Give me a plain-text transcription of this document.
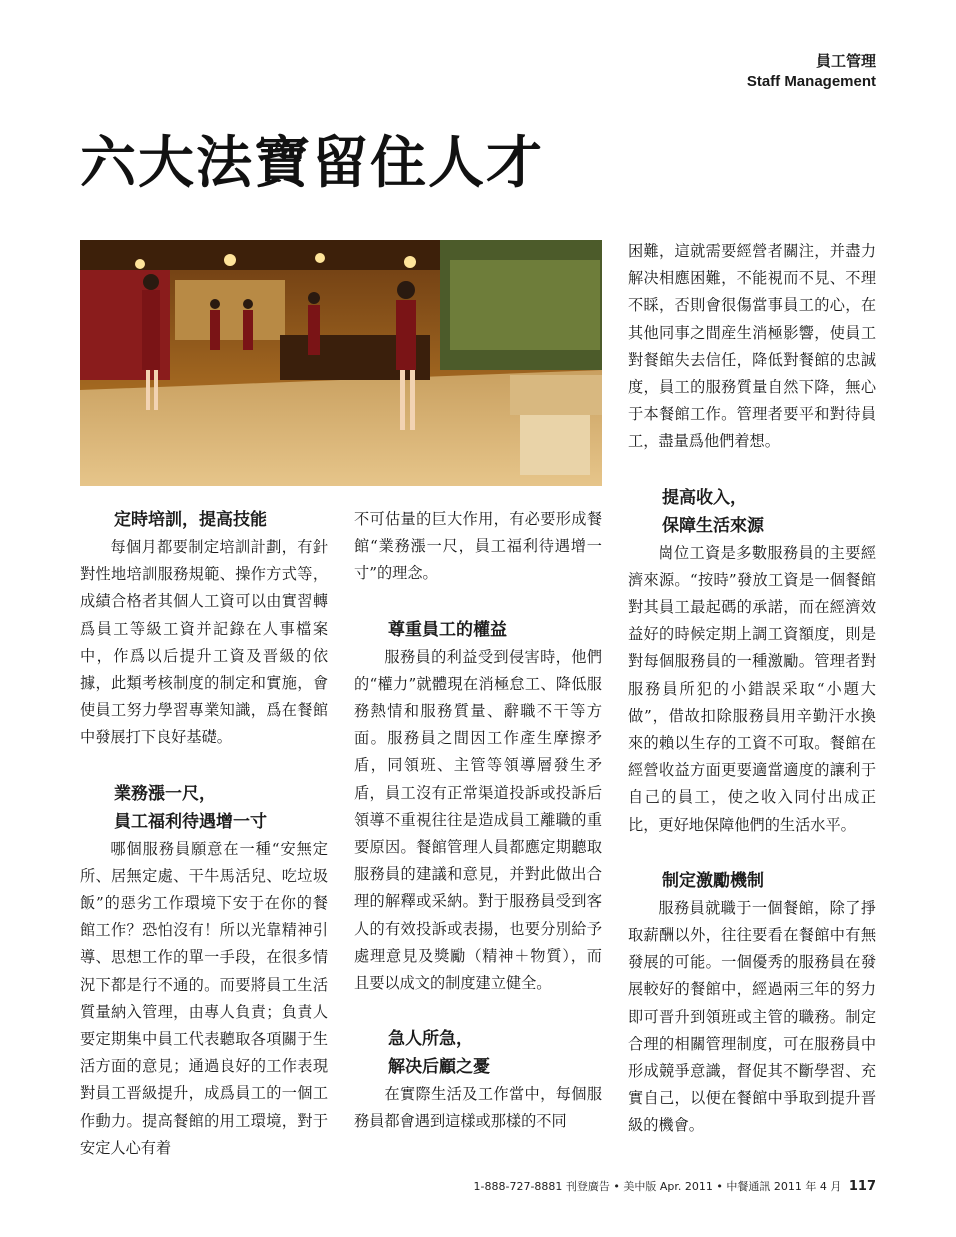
員工管理
Staff Management
六大法寶留住人才
定時培訓，提高技能

每個月都要制定培訓計劃，有針對性地培訓服務規範、操作方式等，成績合格者其個人工資可以由實習轉爲員工等級工資并記錄在人事檔案中，作爲以后提升工資及晋級的依據，此類考核制度的制定和實施，會使員工努力學習專業知識，爲在餐館中發展打下良好基礎。

業務漲一尺，
員工福利待遇增一寸

哪個服務員願意在一種“安無定所、居無定處、干牛馬活兒、吃垃圾飯”的惡劣工作環境下安于在你的餐館工作？恐怕沒有！所以光靠精神引導、思想工作的單一手段，在很多情況下都是行不通的。而要將員工生活質量納入管理，由專人負責；負責人要定期集中員工代表聽取各項關于生活方面的意見；通過良好的工作表現對員工晋級提升，成爲員工的一個工作動力。提高餐館的用工環境，對于安定人心有着

不可估量的巨大作用，有必要形成餐館“業務漲一尺，員工福利待遇增一寸”的理念。

尊重員工的權益

服務員的利益受到侵害時，他們的“權力”就體現在消極怠工、降低服務熱情和服務質量、辭職不干等方面。服務員之間因工作產生摩擦矛盾，同領班、主管等領導層發生矛盾，員工沒有正常渠道投訴或投訴后領導不重視往往是造成員工離職的重要原因。餐館管理人員都應定期聽取服務員的建議和意見，并對此做出合理的解釋或采納。對于服務員受到客人的有效投訴或表揚，也要分別給予處理意見及獎勵（精神＋物質），而且要以成文的制度建立健全。

急人所急，
解决后顧之憂

在實際生活及工作當中，每個服務員都會遇到這樣或那樣的不同

困難，這就需要經營者關注，并盡力解决相應困難，不能視而不見、不理不睬，否則會很傷當事員工的心，在其他同事之間産生消極影響，使員工對餐館失去信任，降低對餐館的忠誠度，員工的服務質量自然下降，無心于本餐館工作。管理者要平和對待員工，盡量爲他們着想。

提高收入，
保障生活來源

崗位工資是多數服務員的主要經濟來源。“按時”發放工資是一個餐館對其員工最起碼的承諾，而在經濟效益好的時候定期上調工資額度，則是對每個服務員的一種激勵。管理者對服務員所犯的小錯誤采取“小題大做”，借故扣除服務員用辛勤汗水換來的賴以生存的工資不可取。餐館在經營收益方面更要適當適度的讓利于自己的員工，使之收入同付出成正比，更好地保障他們的生活水平。

制定激勵機制

服務員就職于一個餐館，除了掙取薪酬以外，往往要看在餐館中有無發展的可能。一個優秀的服務員在發展較好的餐館中，經過兩三年的努力即可晋升到領班或主管的職務。制定合理的相關管理制度，可在服務員中形成競爭意識，督促其不斷學習、充實自己，以便在餐館中爭取到提升晋級的機會。

1-888-727-8881 刊登廣告 • 美中版 Apr. 2011 • 中餐通訊 2011 年 4 月 117
